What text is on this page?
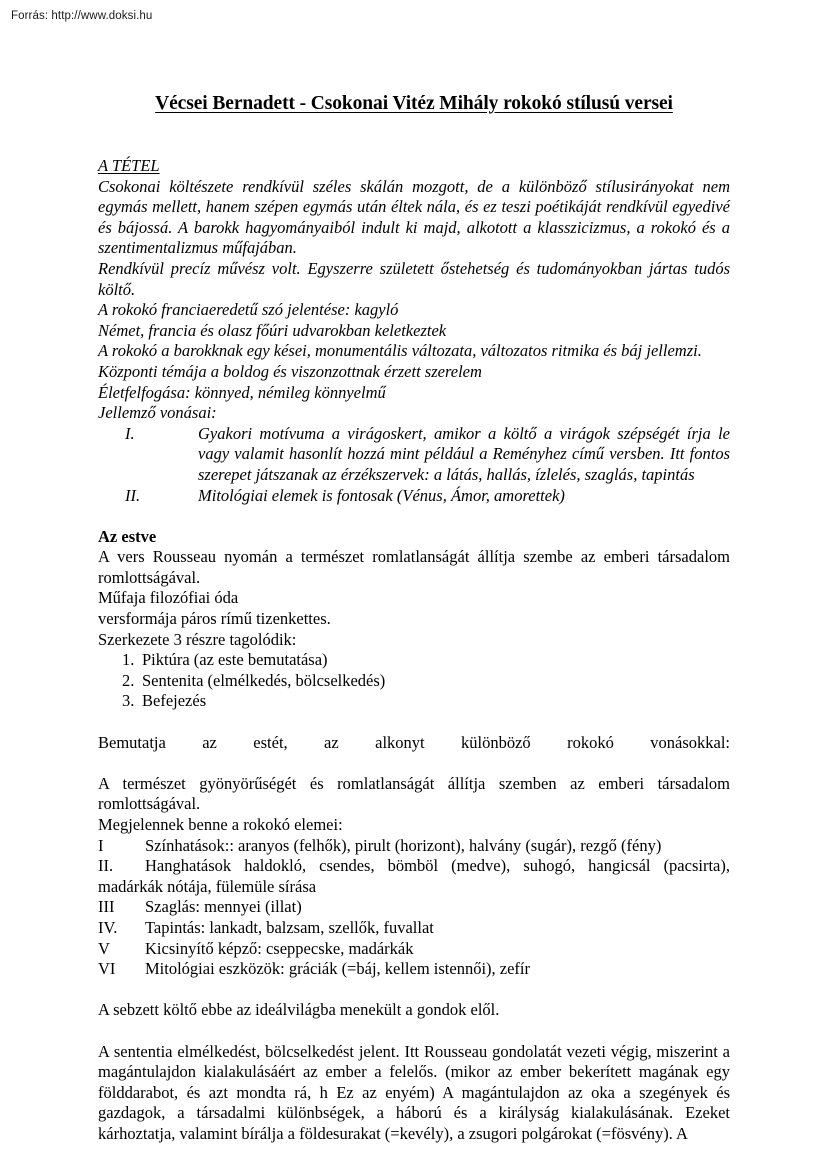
Forrás: http://www.doksi.hu
Vécsei Bernadett - Csokonai Vitéz Mihály rokokó stílusú versei
A TÉTEL

Csokonai költészete rendkívül széles skálán mozgott, de a különböző stílusirányokat nem egymás mellett, hanem szépen egymás után éltek nála, és ez teszi poétikáját rendkívül egyedivé és bájossá. A barokk hagyományaiból indult ki majd, alkotott a klasszicizmus, a rokokó és a szentimentalizmus műfajában.

Rendkívül precíz művész volt. Egyszerre született őstehetség és tudományokban jártas tudós költő.

A rokokó franciaeredetű szó jelentése: kagyló

Német, francia és olasz főúri udvarokban keletkeztek

A rokokó a barokknak egy kései, monumentális változata, változatos ritmika és báj jellemzi.

Központi témája a boldog és viszonzottnak érzett szerelem

Életfelfogása: könnyed, némileg könnyelmű

Jellemző vonásai:

I.	Gyakori motívuma a virágoskert, amikor a költő a virágok szépségét írja le vagy valamit hasonlít hozzá mint például a Reményhez című versben. Itt fontos szerepet játszanak az érzékszervek: a látás, hallás, ízlelés, szaglás, tapintás
II.	Mitológiai elemek is fontosak (Vénus, Ámor, amorettek)
Az estve

A vers Rousseau nyomán a természet romlatlanságát állítja szembe az emberi társadalom romlottságával.

Műfaja filozófiai óda

versformája páros rímű tizenkettes.

Szerkezete 3 részre tagolódik:

1. Piktúra (az este bemutatása)
2. Sentenita (elmélkedés, bölcselkedés)
3. Befejezés

Bemutatja az estét, az alkonyt különböző rokokó vonásokkal:

A természet gyönyörűségét és romlatlanságát állítja szemben az emberi társadalom romlottságával.

Megjelennek benne a rokokó elemei:

I	Színhatások:: aranyos (felhők), pirult (horizont), halvány (sugár), rezgő (fény)
II. Hanghatások haldokló, csendes, bömböl (medve), suhogó, hangicsál (pacsirta), madárkák nótája, fülemüle sírása
III Szaglás: mennyei (illat)
IV. Tapintás: lankadt, balzsam, szellők, fuvallat
V Kicsinyítő képző: cseppecske, madárkák
VI Mitológiai eszközök: gráciák (=báj, kellem istennői), zefír

A sebzett költő ebbe az ideálvilágba menekült a gondok elől.

A sententia elmélkedést, bölcselkedést jelent. Itt Rousseau gondolatát vezeti végig, miszerint a magántulajdon kialakulásáért az ember a felelős. (mikor az ember bekerített magának egy földdarabot, és azt mondta rá, h Ez az enyém) A magántulajdon az oka a szegények és gazdagok, a társadalmi különbségek, a háború és a királyság kialakulásának. Ezeket kárhoztatja, valamint bírálja a földesurakat (=kevély), a zsugori polgárokat (=fösvény). A
